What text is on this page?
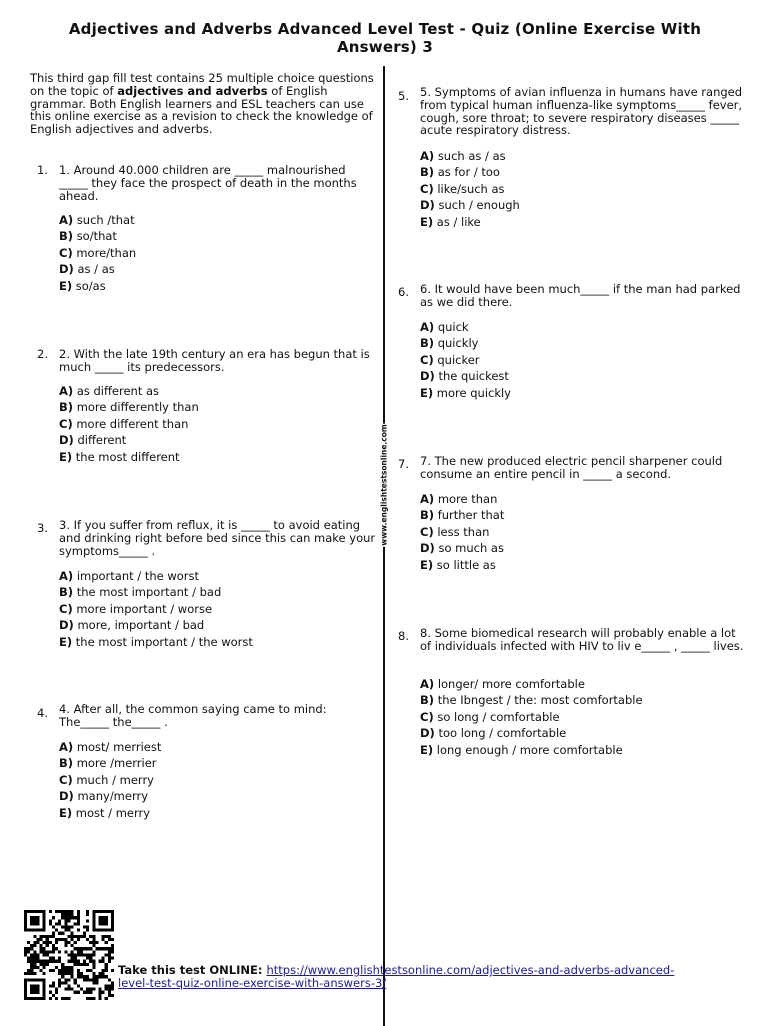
Adjectives and Adverbs Advanced Level Test - Quiz (Online Exercise With Answers) 3
www.englishtestsonline.com
This third gap fill test contains 25 multiple choice questions on the topic of adjectives and adverbs of English grammar. Both English learners and ESL teachers can use this online exercise as a revision to check the knowledge of English adjectives and adverbs.
1. 1. Around 40.000 children are _____ malnourished _____ they face the prospect of death in the months ahead.
A) such /that
B) so/that
C) more/than
D) as / as
E) so/as
2. 2. With the late 19th century an era has begun that is much _____ its predecessors.
A) as different as
B) more differently than
C) more different than
D) different
E) the most different
3. 3. If you suffer from reflux, it is _____ to avoid eating and drinking right before bed since this can make your symptoms_____ .
A) important / the worst
B) the most important / bad
C) more important / worse
D) more, important / bad
E) the most important / the worst
4. 4. After all, the common saying came to mind: The_____ the_____ .
A) most/ merriest
B) more /merrier
C) much / merry
D) many/merry
E) most / merry
5. 5. Symptoms of avian influenza in humans have ranged from typical human influenza-like symptoms_____ fever, cough, sore throat; to severe respiratory diseases _____ acute respiratory distress.
A) such as / as
B) as for / too
C) like/such as
D) such / enough
E) as / like
6. 6. It would have been much_____ if the man had parked as we did there.
A) quick
B) quickly
C) quicker
D) the quickest
E) more quickly
7. 7. The new produced electric pencil sharpener could consume an entire pencil in _____ a second.
A) more than
B) further that
C) less than
D) so much as
E) so little as
8. 8. Some biomedical research will probably enable a lot of individuals infected with HIV to liv e_____ , _____ lives.
A) longer/ more comfortable
B) the Ibngest / the: most comfortable
C) so long / comfortable
D) too long / comfortable
E) long enough / more comfortable
Take this test ONLINE: https://www.englishtestsonline.com/adjectives-and-adverbs-advanced-level-test-quiz-online-exercise-with-answers-3/
